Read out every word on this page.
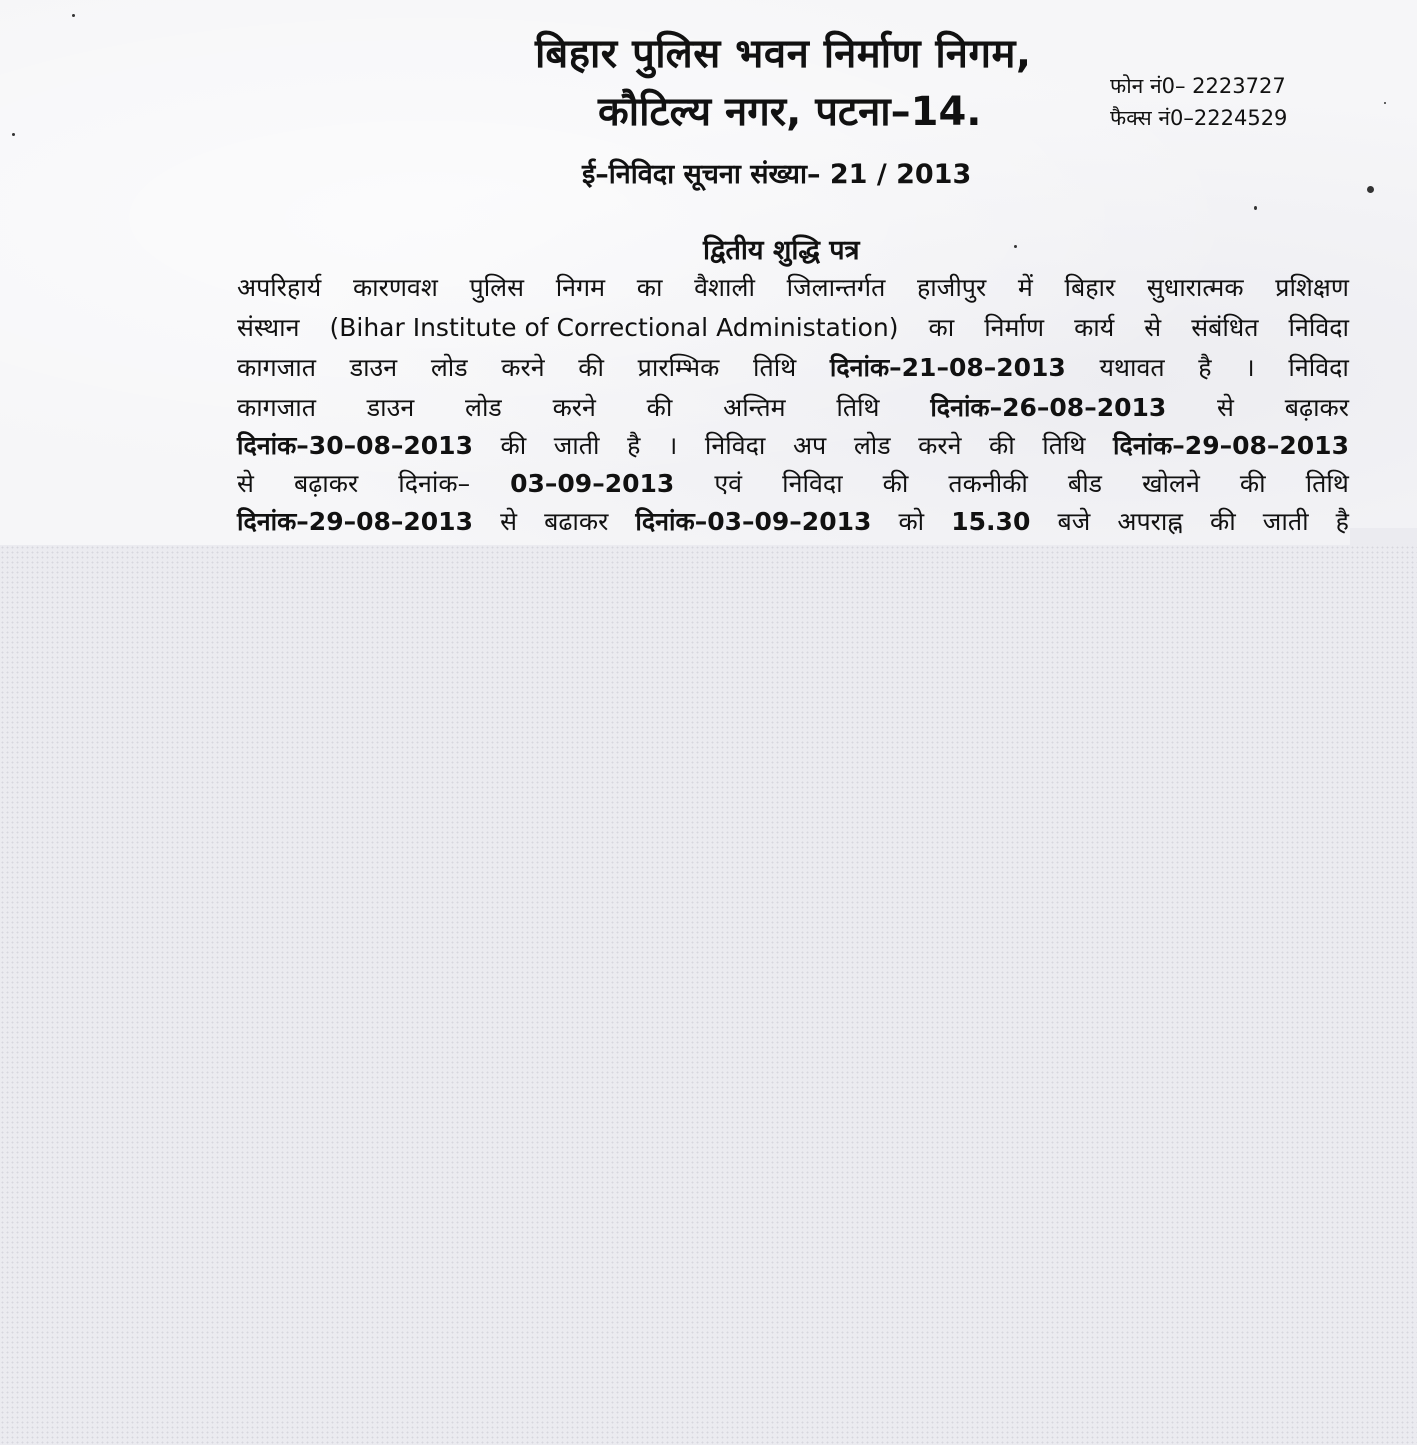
बिहार पुलिस भवन निर्माण निगम,
कौटिल्य नगर, पटना–14.
फोन नं0– 2223727
फैक्स नं0–2224529
ई–निविदा सूचना संख्या– 21 / 2013
द्वितीय शुद्धि पत्र
अपरिहार्य कारणवश पुलिस निगम का वैशाली जिलान्तर्गत हाजीपुर में बिहार सुधारात्मक प्रशिक्षण
संस्थान (Bihar Institute of Correctional Administation) का निर्माण कार्य से संबंधित निविदा
कागजात डाउन लोड करने की प्रारम्भिक तिथि दिनांक–21–08–2013 यथावत है । निविदा
कागजात डाउन लोड करने की अन्तिम तिथि दिनांक–26–08–2013 से बढ़ाकर
दिनांक–30–08–2013 की जाती है । निविदा अप लोड करने की तिथि दिनांक–29–08–2013
से बढ़ाकर दिनांक– 03–09–2013 एवं निविदा की तकनीकी बीड खोलने की तिथि
दिनांक–29–08–2013 से बढाकर दिनांक–03–09–2013 को 15.30 बजे अपराह्न की जाती है
